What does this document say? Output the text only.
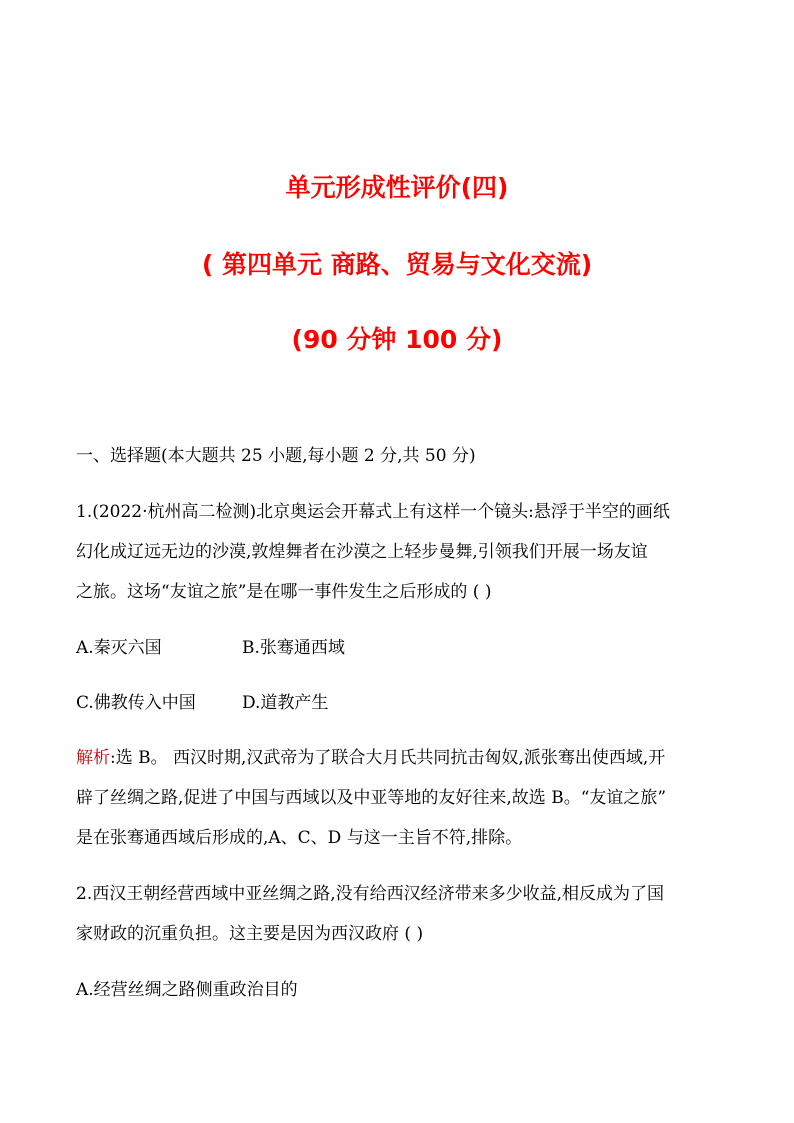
单元形成性评价(四)
( 第四单元 商路、贸易与文化交流)
(90 分钟 100 分)
一、选择题(本大题共 25 小题,每小题 2 分,共 50 分)
1.(2022·杭州高二检测)北京奥运会开幕式上有这样一个镜头:悬浮于半空的画纸
幻化成辽远无边的沙漠,敦煌舞者在沙漠之上轻步曼舞,引领我们开展一场友谊
之旅。这场“友谊之旅”是在哪一事件发生之后形成的 ( )
A.秦灭六国	B.张骞通西域
C.佛教传入中国	D.道教产生
解析:选 B。 西汉时期,汉武帝为了联合大月氏共同抗击匈奴,派张骞出使西域,开
辟了丝绸之路,促进了中国与西域以及中亚等地的友好往来,故选 B。“友谊之旅”
是在张骞通西域后形成的,A、C、D 与这一主旨不符,排除。
2.西汉王朝经营西域中亚丝绸之路,没有给西汉经济带来多少收益,相反成为了国
家财政的沉重负担。这主要是因为西汉政府 ( )
A.经营丝绸之路侧重政治目的
